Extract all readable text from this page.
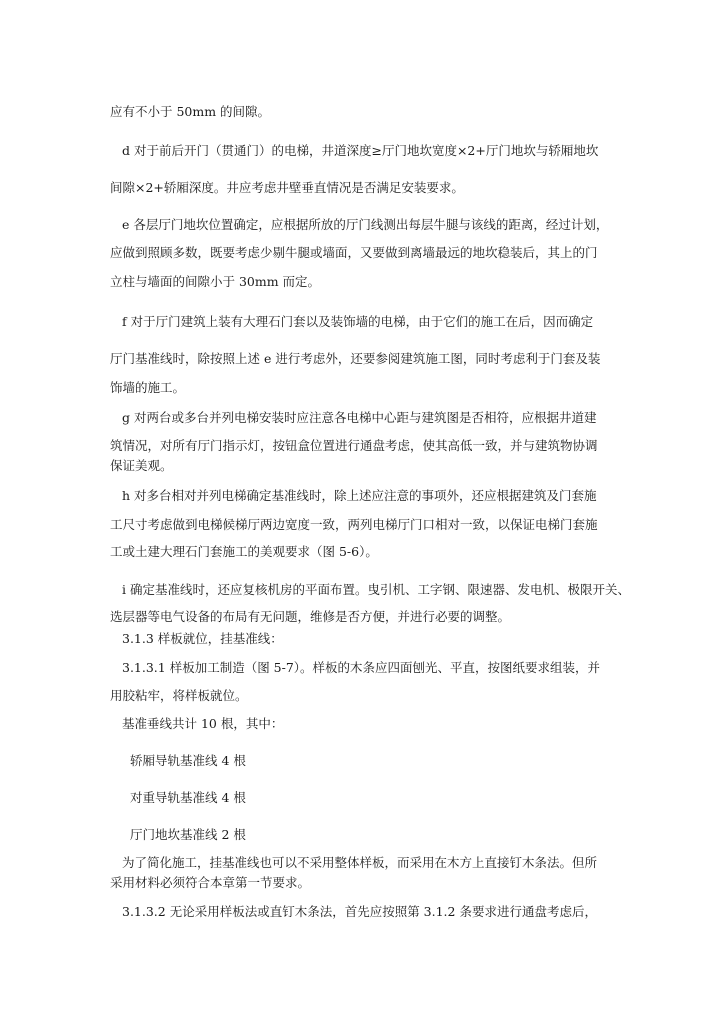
应有不小于 50mm 的间隙。
d 对于前后开门（贯通门）的电梯，井道深度≥厅门地坎宽度×2+厅门地坎与轿厢地坎
间隙×2+轿厢深度。井应考虑井壁垂直情况是否满足安装要求。
e 各层厅门地坎位置确定，应根据所放的厅门线测出每层牛腿与该线的距离，经过计划，
应做到照顾多数，既要考虑少剔牛腿或墙面，又要做到离墙最远的地坎稳装后，其上的门
立柱与墙面的间隙小于 30mm 而定。
f 对于厅门建筑上装有大理石门套以及装饰墙的电梯，由于它们的施工在后，因而确定
厅门基准线时，除按照上述 e 进行考虑外，还要参阅建筑施工图，同时考虑利于门套及装
饰墙的施工。
g 对两台或多台并列电梯安装时应注意各电梯中心距与建筑图是否相符，应根据井道建
筑情况，对所有厅门指示灯，按钮盒位置进行通盘考虑，使其高低一致，并与建筑物协调
保证美观。
h 对多台相对并列电梯确定基准线时，除上述应注意的事项外，还应根据建筑及门套施
工尺寸考虑做到电梯候梯厅两边宽度一致，两列电梯厅门口相对一致，以保证电梯门套施
工或土建大理石门套施工的美观要求（图 5-6）。
i 确定基准线时，还应复核机房的平面布置。曳引机、工字钢、限速器、发电机、极限开关、
选层器等电气设备的布局有无问题，维修是否方便，并进行必要的调整。
3.1.3 样板就位，挂基准线：
3.1.3.1 样板加工制造（图 5-7）。样板的木条应四面刨光、平直，按图纸要求组装，并
用胶粘牢，将样板就位。
基准垂线共计 10 根，其中：
轿厢导轨基准线 4 根
对重导轨基准线 4 根
厅门地坎基准线 2 根
为了简化施工，挂基准线也可以不采用整体样板，而采用在木方上直接钉木条法。但所
采用材料必须符合本章第一节要求。
3.1.3.2 无论采用样板法或直钉木条法，首先应按照第 3.1.2 条要求进行通盘考虑后，
